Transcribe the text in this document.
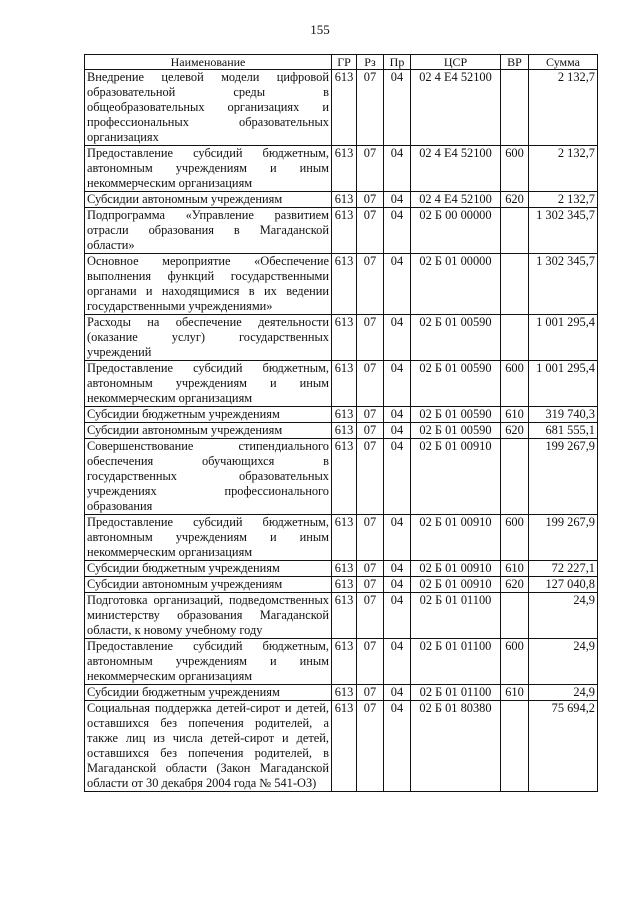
155
Наименование	ГР	Рз	Пр	ЦСР	ВР	Сумма
Внедрение целевой модели цифровой образовательной среды в общеобразовательных организациях и профессиональных образовательных организациях	613	07	04	02 4 E4 52100		2 132,7
Предоставление субсидий бюджетным, автономным учреждениям и иным некоммерческим организациям	613	07	04	02 4 E4 52100	600	2 132,7
Субсидии автономным учреждениям	613	07	04	02 4 E4 52100	620	2 132,7
Подпрограмма «Управление развитием отрасли образования в Магаданской области»	613	07	04	02 Б 00 00000		1 302 345,7
Основное мероприятие «Обеспечение выполнения функций государственными органами и находящимися в их ведении государственными учреждениями»	613	07	04	02 Б 01 00000		1 302 345,7
Расходы на обеспечение деятельности (оказание услуг) государственных учреждений	613	07	04	02 Б 01 00590		1 001 295,4
Предоставление субсидий бюджетным, автономным учреждениям и иным некоммерческим организациям	613	07	04	02 Б 01 00590	600	1 001 295,4
Субсидии бюджетным учреждениям	613	07	04	02 Б 01 00590	610	319 740,3
Субсидии автономным учреждениям	613	07	04	02 Б 01 00590	620	681 555,1
Совершенствование стипендиального обеспечения обучающихся в государственных образовательных учреждениях профессионального образования	613	07	04	02 Б 01 00910		199 267,9
Предоставление субсидий бюджетным, автономным учреждениям и иным некоммерческим организациям	613	07	04	02 Б 01 00910	600	199 267,9
Субсидии бюджетным учреждениям	613	07	04	02 Б 01 00910	610	72 227,1
Субсидии автономным учреждениям	613	07	04	02 Б 01 00910	620	127 040,8
Подготовка организаций, подведомственных министерству образования Магаданской области, к новому учебному году	613	07	04	02 Б 01 01100		24,9
Предоставление субсидий бюджетным, автономным учреждениям и иным некоммерческим организациям	613	07	04	02 Б 01 01100	600	24,9
Субсидии бюджетным учреждениям	613	07	04	02 Б 01 01100	610	24,9
Социальная поддержка детей-сирот и детей, оставшихся без попечения родителей, а также лиц из числа детей-сирот и детей, оставшихся без попечения родителей, в Магаданской области (Закон Магаданской области от 30 декабря 2004 года № 541-ОЗ)	613	07	04	02 Б 01 80380		75 694,2
